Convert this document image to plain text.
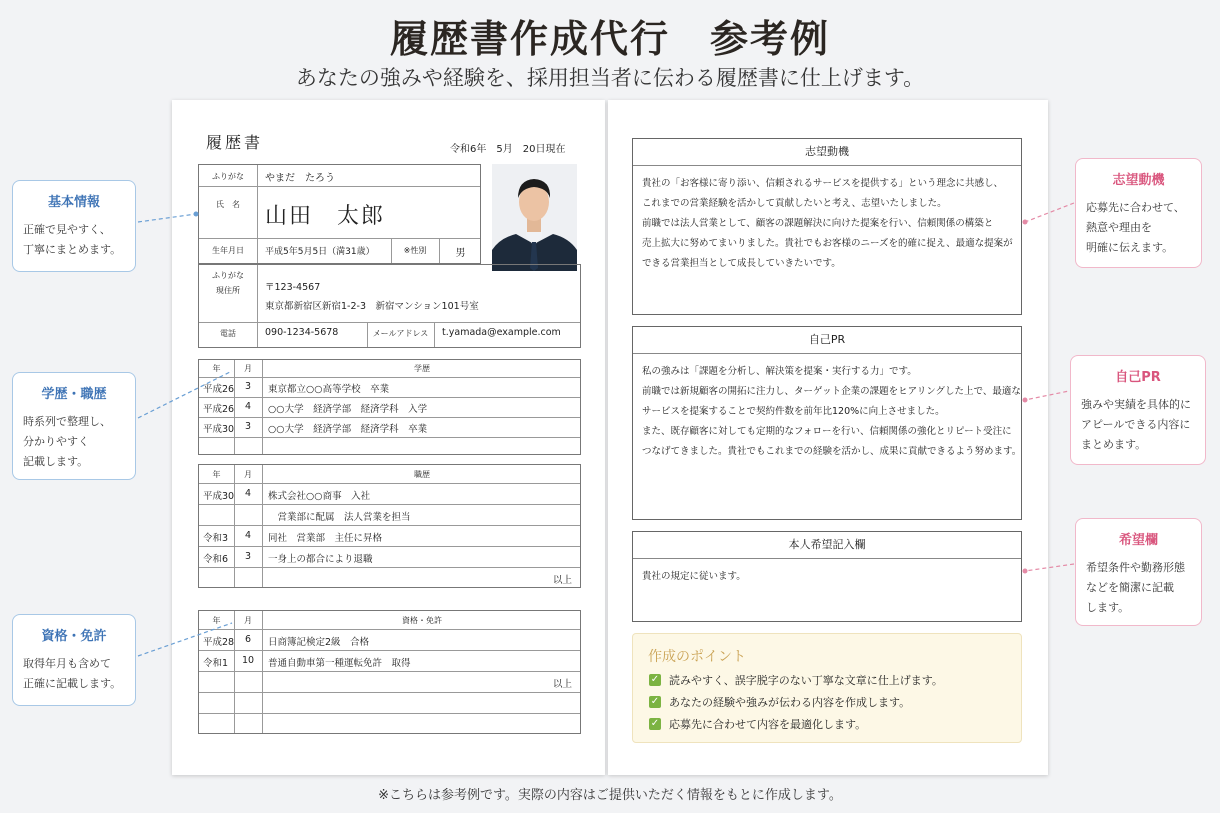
履歴書作成代行　参考例
あなたの強みや経験を、採用担当者に伝わる履歴書に仕上げます。
履歴書	令和6年　5月　20日現在
ふりがな	やまだ　たろう
氏　名	山田　太郎
生年月日	平成5年5月5日（満31歳）	※性別	男
ふりがな
現住所	〒123-4567
東京都新宿区新宿1-2-3　新宿マンション101号室
電話	090-1234-5678	メールアドレス	t.yamada@example.com
年	月	学歴
平成26	3	東京都立○○高等学校　卒業
平成26	4	○○大学　経済学部　経済学科　入学
平成30	3	○○大学　経済学部　経済学科　卒業
年	月	職歴
平成30	4	株式会社○○商事　入社
　営業部に配属　法人営業を担当
令和3	4	同社　営業部　主任に昇格
令和6	3	一身上の都合により退職
以上
年	月	資格・免許
平成28	6	日商簿記検定2級　合格
令和1	10	普通自動車第一種運転免許　取得
以上
志望動機
貴社の「お客様に寄り添い、信頼されるサービスを提供する」という理念に共感し、
これまでの営業経験を活かして貢献したいと考え、志望いたしました。
前職では法人営業として、顧客の課題解決に向けた提案を行い、信頼関係の構築と
売上拡大に努めてまいりました。貴社でもお客様のニーズを的確に捉え、最適な提案が
できる営業担当として成長していきたいです。
自己PR
私の強みは「課題を分析し、解決策を提案・実行する力」です。
前職では新規顧客の開拓に注力し、ターゲット企業の課題をヒアリングした上で、最適な
サービスを提案することで契約件数を前年比120%に向上させました。
また、既存顧客に対しても定期的なフォローを行い、信頼関係の強化とリピート受注に
つなげてきました。貴社でもこれまでの経験を活かし、成果に貢献できるよう努めます。
本人希望記入欄
貴社の規定に従います。
作成のポイント
✓ 読みやすく、誤字脱字のない丁寧な文章に仕上げます。
✓ あなたの経験や強みが伝わる内容を作成します。
✓ 応募先に合わせて内容を最適化します。
基本情報
正確で見やすく、
丁寧にまとめます。
学歴・職歴
時系列で整理し、
分かりやすく
記載します。
資格・免許
取得年月も含めて
正確に記載します。
志望動機
応募先に合わせて、
熱意や理由を
明確に伝えます。
自己PR
強みや実績を具体的に
アピールできる内容に
まとめます。
希望欄
希望条件や勤務形態
などを簡潔に記載
します。
※こちらは参考例です。実際の内容はご提供いただく情報をもとに作成します。
